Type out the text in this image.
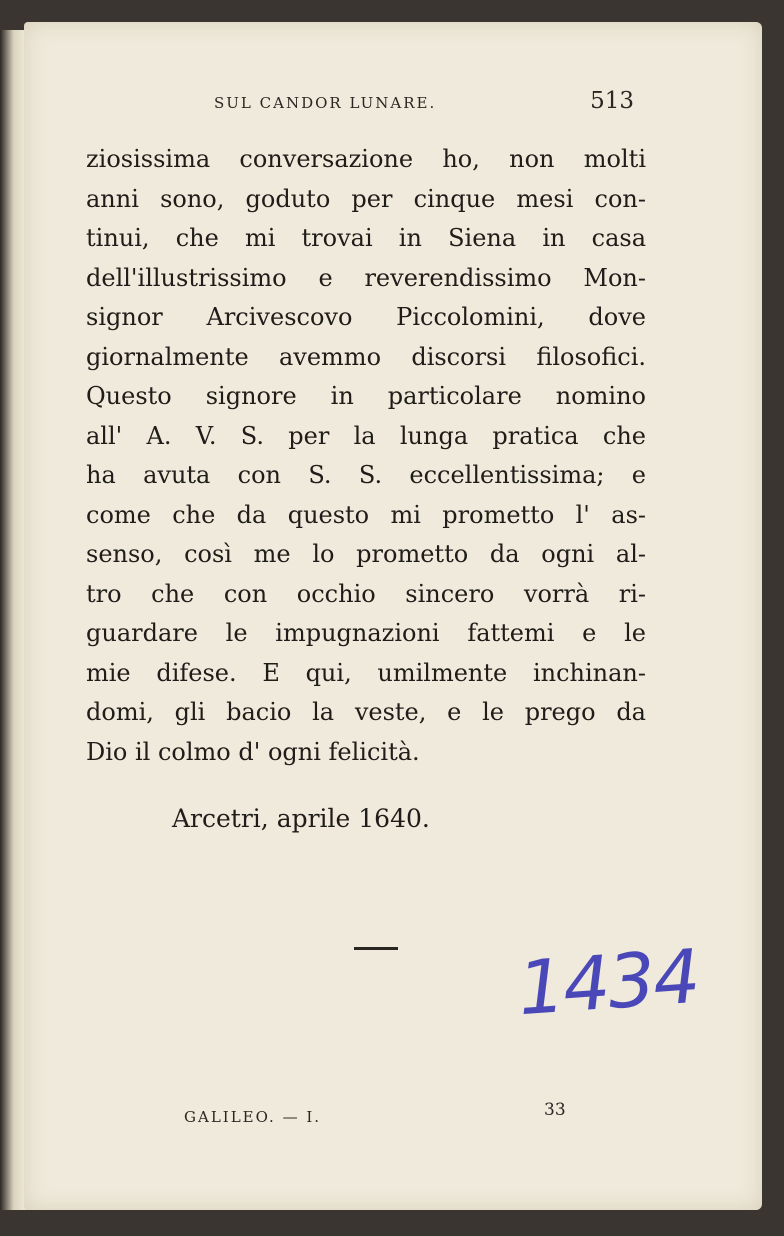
SUL CANDOR LUNARE.	513
ziosissima conversazione ho, non molti
anni sono, goduto per cinque mesi con-
tinui, che mi trovai in Siena in casa
dell'illustrissimo e reverendissimo Mon-
signor Arcivescovo Piccolomini, dove
giornalmente avemmo discorsi filosofici.
Questo signore in particolare nomino
all' A. V. S. per la lunga pratica che
ha avuta con S. S. eccellentissima; e
come che da questo mi prometto l' as-
senso, così me lo prometto da ogni al-
tro che con occhio sincero vorrà ri-
guardare le impugnazioni fattemi e le
mie difese. E qui, umilmente inchinan-
domi, gli bacio la veste, e le prego da
Dio il colmo d' ogni felicità.
Arcetri, aprile 1640.
1434
GALILEO. — I.	33
